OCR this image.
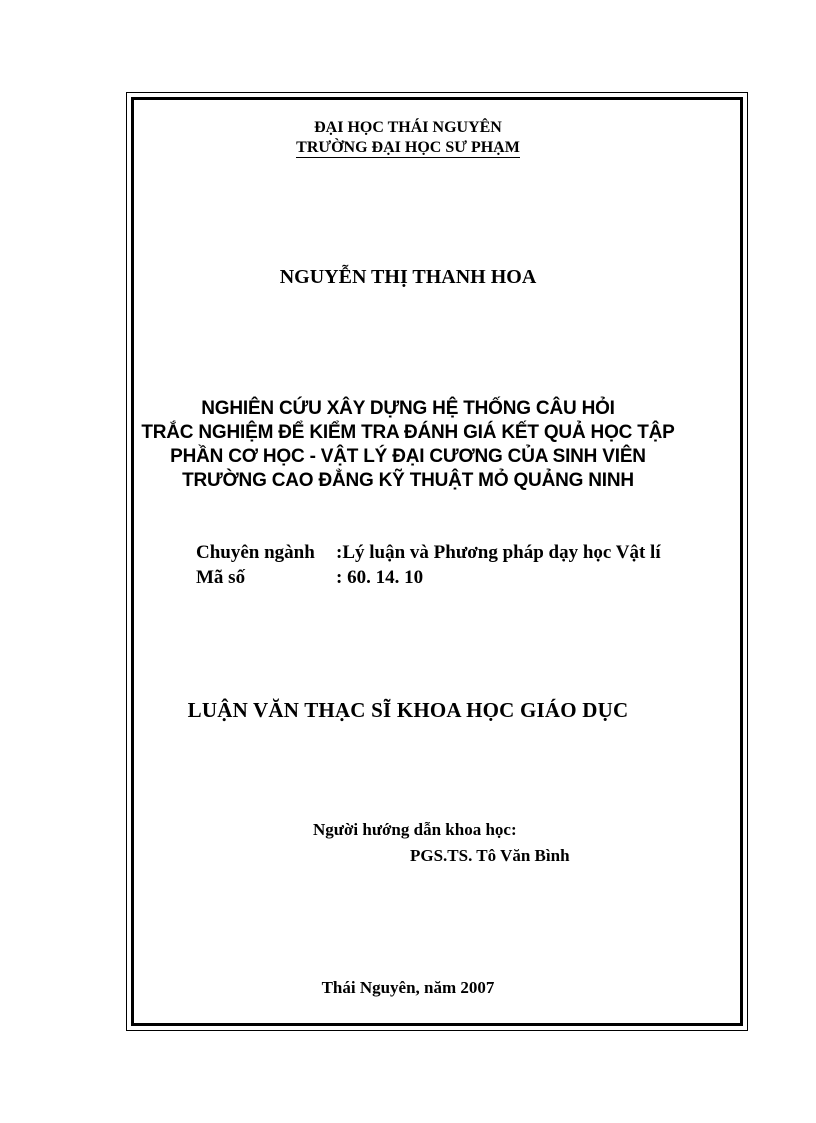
ĐẠI HỌC THÁI NGUYÊN
TRƯỜNG ĐẠI HỌC SƯ PHẠM
NGUYỄN THỊ THANH HOA
NGHIÊN CỨU XÂY DỰNG HỆ THỐNG CÂU HỎI
TRẮC NGHIỆM ĐỂ KIỂM TRA ĐÁNH GIÁ KẾT QUẢ HỌC TẬP
PHẦN CƠ HỌC - VẬT LÝ ĐẠI CƯƠNG CỦA SINH VIÊN
TRƯỜNG CAO ĐẲNG KỸ THUẬT MỎ QUẢNG NINH
Chuyên ngành	:Lý luận và Phương pháp dạy học Vật lí
Mã số	: 60. 14. 10
LUẬN VĂN THẠC SĨ KHOA HỌC GIÁO DỤC
Người hướng dẫn khoa học:
PGS.TS. Tô Văn Bình
Thái Nguyên, năm 2007
